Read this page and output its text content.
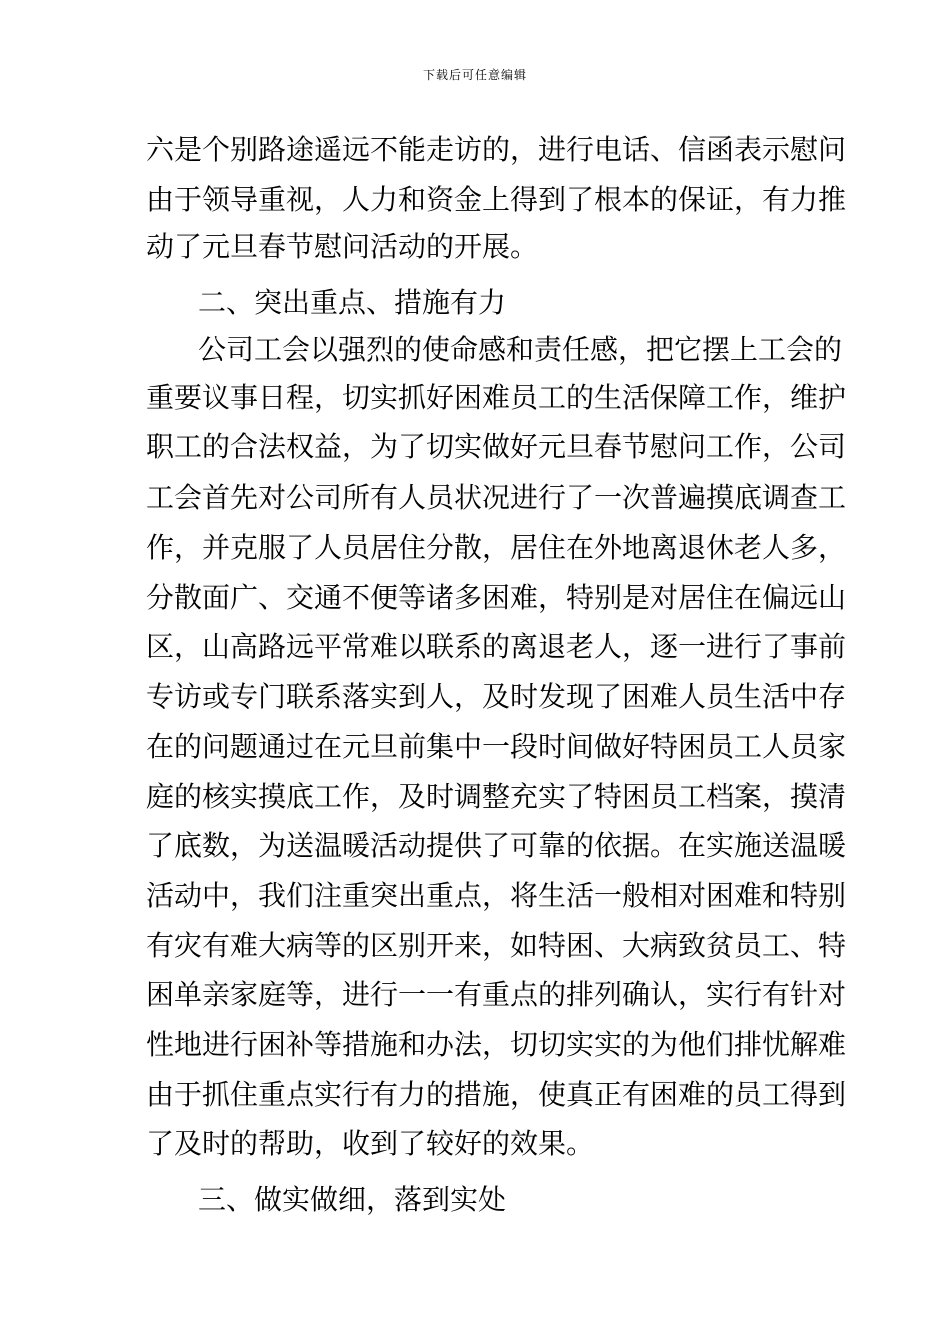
下载后可任意编辑
六是个别路途遥远不能走访的，进行电话、信函表示慰问
由于领导重视，人力和资金上得到了根本的保证，有力推
动了元旦春节慰问活动的开展。
二、突出重点、措施有力
公司工会以强烈的使命感和责任感，把它摆上工会的
重要议事日程，切实抓好困难员工的生活保障工作，维护
职工的合法权益，为了切实做好元旦春节慰问工作，公司
工会首先对公司所有人员状况进行了一次普遍摸底调查工
作，并克服了人员居住分散，居住在外地离退休老人多，
分散面广、交通不便等诸多困难，特别是对居住在偏远山
区，山高路远平常难以联系的离退老人，逐一进行了事前
专访或专门联系落实到人，及时发现了困难人员生活中存
在的问题通过在元旦前集中一段时间做好特困员工人员家
庭的核实摸底工作，及时调整充实了特困员工档案，摸清
了底数，为送温暖活动提供了可靠的依据。在实施送温暖
活动中，我们注重突出重点，将生活一般相对困难和特别
有灾有难大病等的区别开来，如特困、大病致贫员工、特
困单亲家庭等，进行一一有重点的排列确认，实行有针对
性地进行困补等措施和办法，切切实实的为他们排忧解难
由于抓住重点实行有力的措施，使真正有困难的员工得到
了及时的帮助，收到了较好的效果。
三、做实做细，落到实处
